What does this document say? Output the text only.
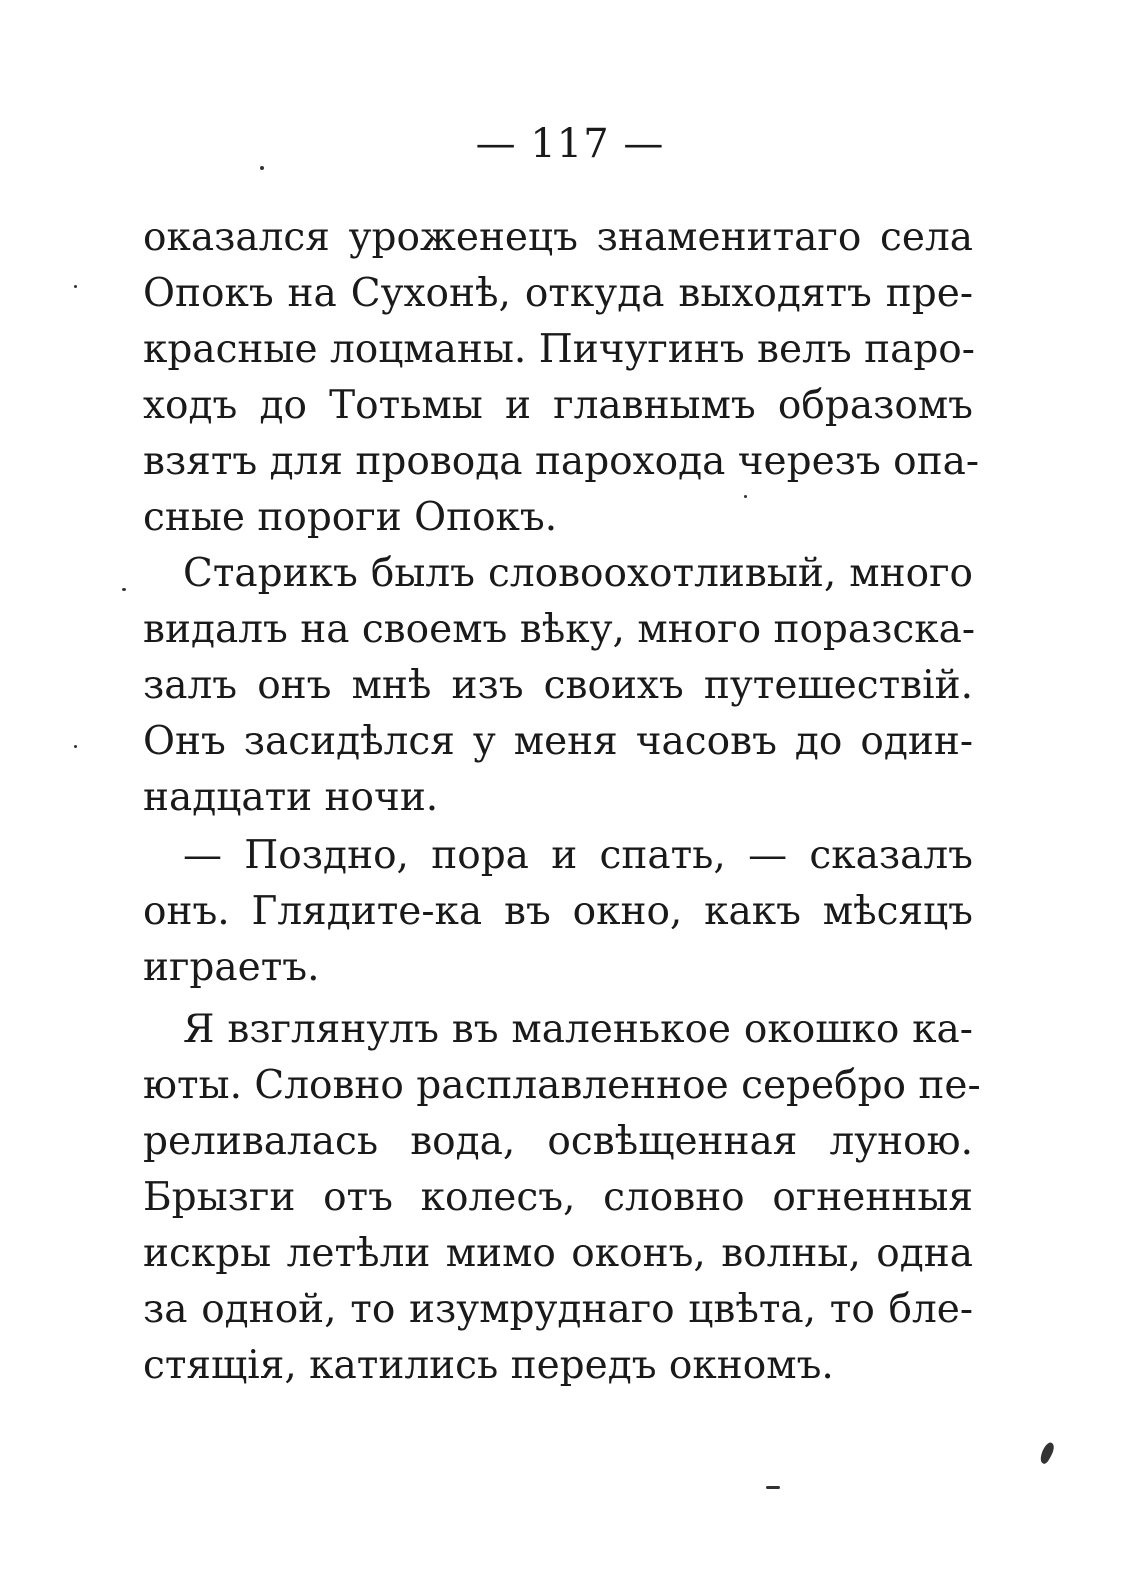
— 117 —
оказался уроженецъ знаменитаго села
Опокъ на Сухонѣ, откуда выходятъ пре-
красные лоцманы. Пичугинъ велъ паро-
ходъ до Тотьмы и главнымъ образомъ
взятъ для провода парохода черезъ опа-
сные пороги Опокъ.
Старикъ былъ словоохотливый, много
видалъ на своемъ вѣку, много поразска-
залъ онъ мнѣ изъ своихъ путешествій.
Онъ засидѣлся у меня часовъ до один-
надцати ночи.
— Поздно, пора и спать, — сказалъ
онъ. Глядите-ка въ окно, какъ мѣсяцъ
играетъ.
Я взглянулъ въ маленькое окошко ка-
юты. Словно расплавленное серебро пе-
реливалась вода, освѣщенная луною.
Брызги отъ колесъ, словно огненныя
искры летѣли мимо оконъ, волны, одна
за одной, то изумруднаго цвѣта, то бле-
стящія, катились передъ окномъ.
